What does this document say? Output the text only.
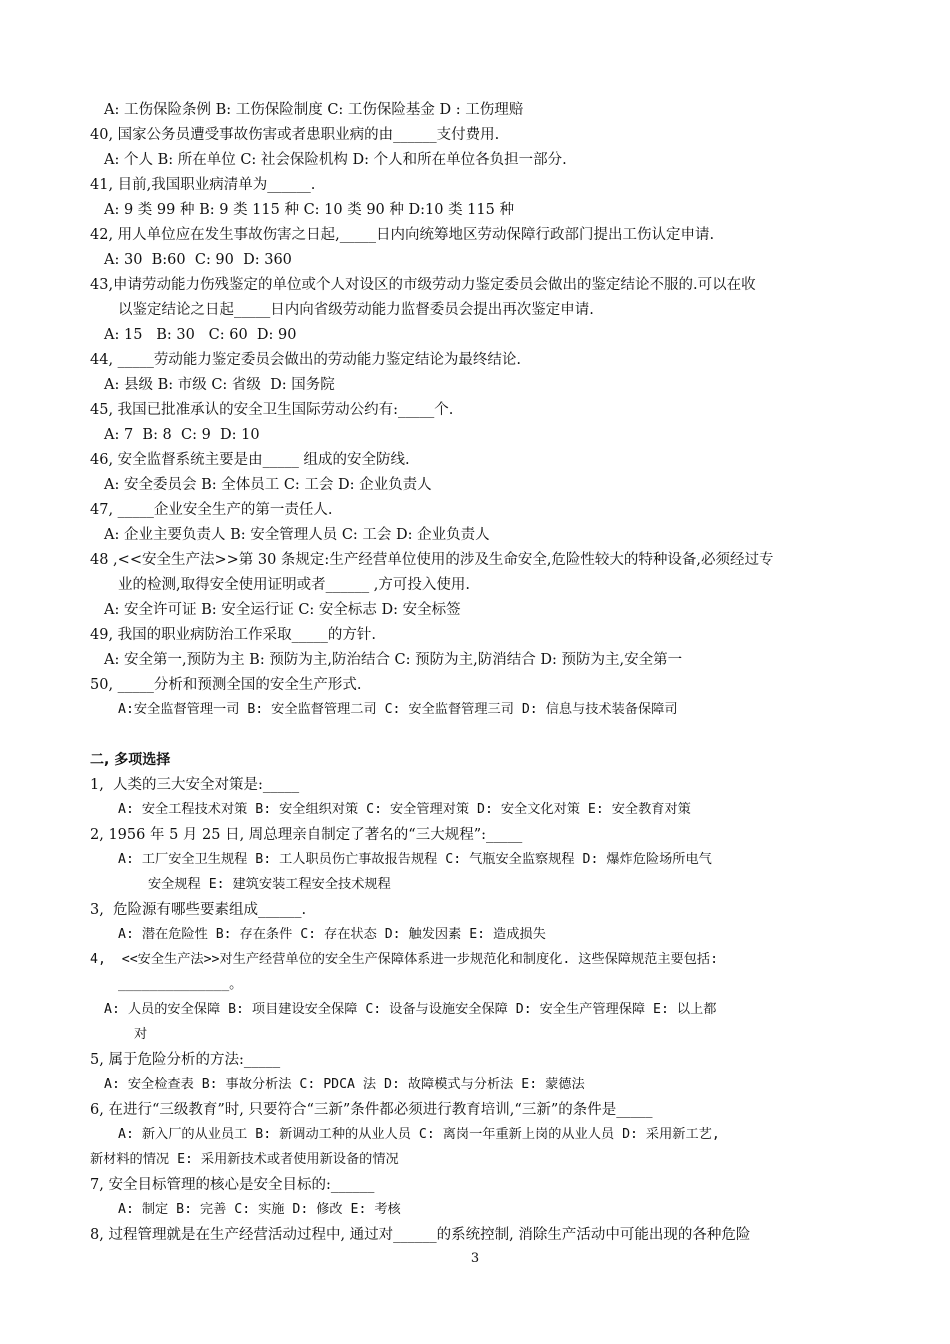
A: 工伤保险条例 B: 工伤保险制度 C: 工伤保险基金 D : 工伤理赔
40, 国家公务员遭受事故伤害或者患职业病的由______支付费用.
A: 个人 B: 所在单位 C: 社会保险机构 D: 个人和所在单位各负担一部分.
41, 目前,我国职业病清单为______.
A: 9 类 99 种 B: 9 类 115 种 C: 10 类 90 种 D:10 类 115 种
42, 用人单位应在发生事故伤害之日起,_____日内向统筹地区劳动保障行政部门提出工伤认定申请.
A: 30  B:60  C: 90  D: 360
43,申请劳动能力伤残鉴定的单位或个人对设区的市级劳动力鉴定委员会做出的鉴定结论不服的.可以在收
以鉴定结论之日起_____日内向省级劳动能力监督委员会提出再次鉴定申请.
A: 15   B: 30   C: 60  D: 90
44, _____劳动能力鉴定委员会做出的劳动能力鉴定结论为最终结论.
A: 县级 B: 市级 C: 省级  D: 国务院
45, 我国已批准承认的安全卫生国际劳动公约有:_____个.
A: 7  B: 8  C: 9  D: 10
46, 安全监督系统主要是由_____ 组成的安全防线.
A: 安全委员会 B: 全体员工 C: 工会 D: 企业负责人
47, _____企业安全生产的第一责任人.
A: 企业主要负责人 B: 安全管理人员 C: 工会 D: 企业负责人
48 ,<<安全生产法>>第 30 条规定:生产经营单位使用的涉及生命安全,危险性较大的特种设备,必须经过专
业的检测,取得安全使用证明或者______ ,方可投入使用.
A: 安全许可证 B: 安全运行证 C: 安全标志 D: 安全标签
49, 我国的职业病防治工作采取_____的方针.
A: 安全第一,预防为主 B: 预防为主,防治结合 C: 预防为主,防消结合 D: 预防为主,安全第一
50, _____分析和预测全国的安全生产形式.
A:安全监督管理一司 B: 安全监督管理二司 C: 安全监督管理三司 D: 信息与技术装备保障司
二, 多项选择
1,  人类的三大安全对策是:_____
A: 安全工程技术对策 B: 安全组织对策 C: 安全管理对策 D: 安全文化对策 E: 安全教育对策
2, 1956 年 5 月 25 日, 周总理亲自制定了著名的“三大规程”:_____
A: 工厂安全卫生规程 B: 工人职员伤亡事故报告规程 C: 气瓶安全监察规程 D: 爆炸危险场所电气
安全规程 E: 建筑安装工程安全技术规程
3,  危险源有哪些要素组成______.
A: 潜在危险性 B: 存在条件 C: 存在状态 D: 触发因素 E: 造成损失
4,  <<安全生产法>>对生产经营单位的安全生产保障体系进一步规范化和制度化. 这些保障规范主要包括:
______________。
A: 人员的安全保障 B: 项目建设安全保障 C: 设备与设施安全保障 D: 安全生产管理保障 E: 以上都
对
5, 属于危险分析的方法:_____
A: 安全检查表 B: 事故分析法 C: PDCA 法 D: 故障模式与分析法 E: 蒙德法
6, 在进行“三级教育”时, 只要符合“三新”条件都必须进行教育培训,“三新”的条件是_____
A: 新入厂的从业员工 B: 新调动工种的从业人员 C: 离岗一年重新上岗的从业人员 D: 采用新工艺,
新材料的情况 E: 采用新技术或者使用新设备的情况
7, 安全目标管理的核心是安全目标的:______
A: 制定 B: 完善 C: 实施 D: 修改 E: 考核
8, 过程管理就是在生产经营活动过程中, 通过对______的系统控制, 消除生产活动中可能出现的各种危险
3
